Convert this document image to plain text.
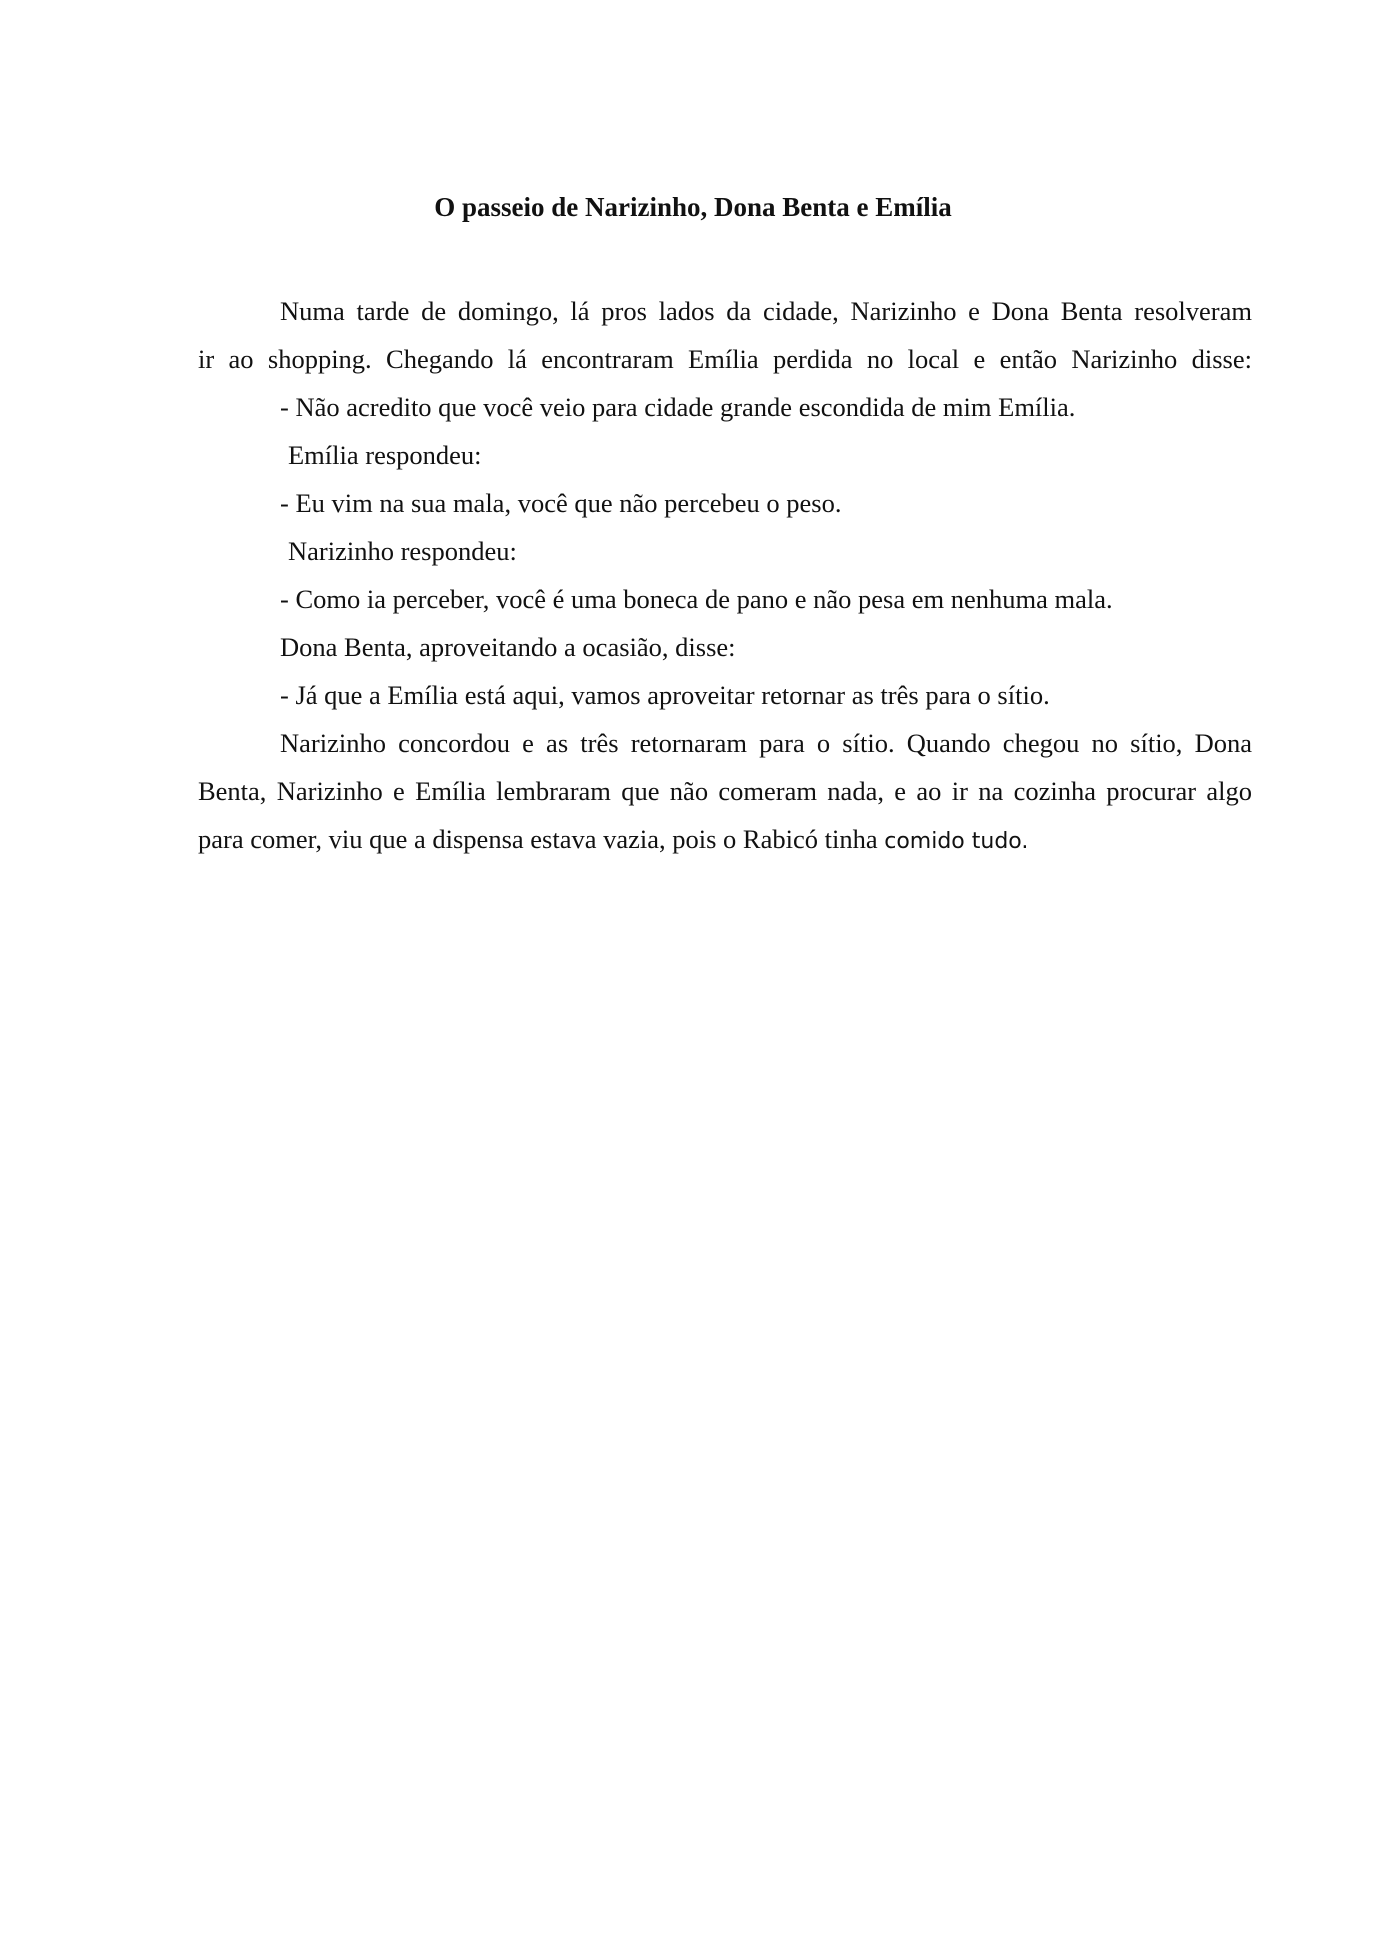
O passeio de Narizinho, Dona Benta e Emília

Numa tarde de domingo, lá pros lados da cidade, Narizinho e Dona Benta resolveram

ir ao shopping. Chegando lá encontraram Emília perdida no local e então Narizinho disse:

- Não acredito que você veio para cidade grande escondida de mim Emília.

Emília respondeu:

- Eu vim na sua mala, você que não percebeu o peso.

Narizinho respondeu:

- Como ia perceber, você é uma boneca de pano e não pesa em nenhuma mala.

Dona Benta, aproveitando a ocasião, disse:

- Já que a Emília está aqui, vamos aproveitar retornar as três para o sítio.

Narizinho concordou e as três retornaram para o sítio. Quando chegou no sítio, Dona

Benta, Narizinho e Emília lembraram que não comeram nada, e ao ir na cozinha procurar algo

para comer, viu que a dispensa estava vazia, pois o Rabicó tinha comido tudo.
